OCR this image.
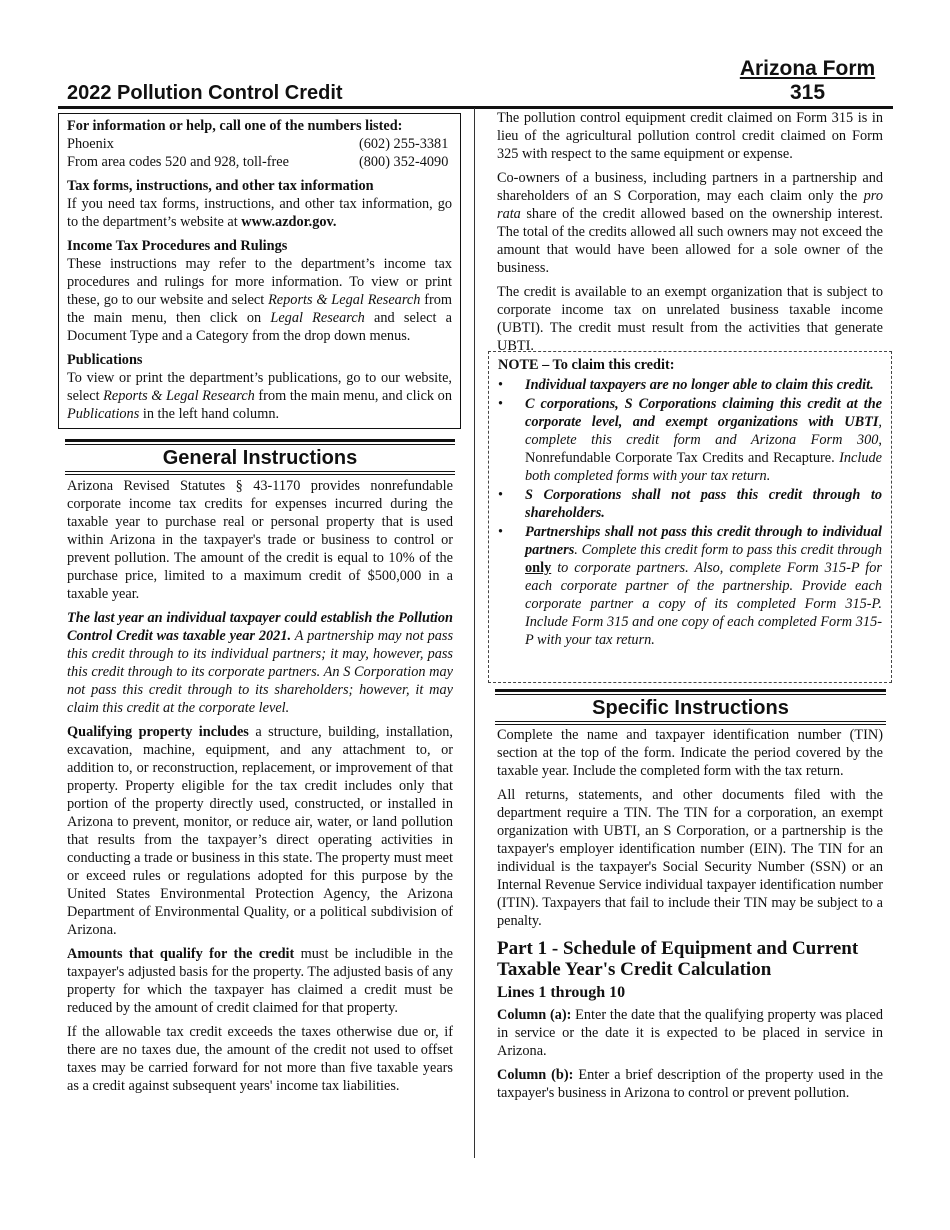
2022 Pollution Control Credit
Arizona Form
315

For information or help, call one of the numbers listed:

Phoenix	(602) 255-3381
From area codes 520 and 928, toll-free	(800) 352-4090

Tax forms, instructions, and other tax information

If you need tax forms, instructions, and other tax information, go to the department’s website at www.azdor.gov.

Income Tax Procedures and Rulings

These instructions may refer to the department’s income tax procedures and rulings for more information. To view or print these, go to our website and select Reports & Legal Research from the main menu, then click on Legal Research and select a Document Type and a Category from the drop down menus.

Publications

To view or print the department’s publications, go to our website, select Reports & Legal Research from the main menu, and click on Publications in the left hand column.

General Instructions

Arizona Revised Statutes § 43-1170 provides nonrefundable corporate income tax credits for expenses incurred during the taxable year to purchase real or personal property that is used within Arizona in the taxpayer's trade or business to control or prevent pollution. The amount of the credit is equal to 10% of the purchase price, limited to a maximum credit of $500,000 in a taxable year.

The last year an individual taxpayer could establish the Pollution Control Credit was taxable year 2021. A partnership may not pass this credit through to its individual partners; it may, however, pass this credit through to its corporate partners. An S Corporation may not pass this credit through to its shareholders; however, it may claim this credit at the corporate level.

Qualifying property includes a structure, building, installation, excavation, machine, equipment, and any attachment to, or addition to, or reconstruction, replacement, or improvement of that property. Property eligible for the tax credit includes only that portion of the property directly used, constructed, or installed in Arizona to prevent, monitor, or reduce air, water, or land pollution that results from the taxpayer’s direct operating activities in conducting a trade or business in this state. The property must meet or exceed rules or regulations adopted for this purpose by the United States Environmental Protection Agency, the Arizona Department of Environmental Quality, or a political subdivision of Arizona.

Amounts that qualify for the credit must be includible in the taxpayer's adjusted basis for the property. The adjusted basis of any property for which the taxpayer has claimed a credit must be reduced by the amount of credit claimed for that property.

If the allowable tax credit exceeds the taxes otherwise due or, if there are no taxes due, the amount of the credit not used to offset taxes may be carried forward for not more than five taxable years as a credit against subsequent years' income tax liabilities.

The pollution control equipment credit claimed on Form 315 is in lieu of the agricultural pollution control credit claimed on Form 325 with respect to the same equipment or expense.

Co-owners of a business, including partners in a partnership and shareholders of an S Corporation, may each claim only the pro rata share of the credit allowed based on the ownership interest. The total of the credits allowed all such owners may not exceed the amount that would have been allowed for a sole owner of the business.

The credit is available to an exempt organization that is subject to corporate income tax on unrelated business taxable income (UBTI). The credit must result from the activities that generate UBTI.

NOTE – To claim this credit:
• Individual taxpayers are no longer able to claim this credit.
• C corporations, S Corporations claiming this credit at the corporate level, and exempt organizations with UBTI, complete this credit form and Arizona Form 300, Nonrefundable Corporate Tax Credits and Recapture. Include both completed forms with your tax return.
• S Corporations shall not pass this credit through to shareholders.
• Partnerships shall not pass this credit through to individual partners. Complete this credit form to pass this credit through only to corporate partners. Also, complete Form 315-P for each corporate partner of the partnership. Provide each corporate partner a copy of its completed Form 315-P. Include Form 315 and one copy of each completed Form 315-P with your tax return.
Specific Instructions

Complete the name and taxpayer identification number (TIN) section at the top of the form. Indicate the period covered by the taxable year. Include the completed form with the tax return.

All returns, statements, and other documents filed with the department require a TIN. The TIN for a corporation, an exempt organization with UBTI, an S Corporation, or a partnership is the taxpayer's employer identification number (EIN). The TIN for an individual is the taxpayer's Social Security Number (SSN) or an Internal Revenue Service individual taxpayer identification number (ITIN). Taxpayers that fail to include their TIN may be subject to a penalty.

Part 1 - Schedule of Equipment and Current Taxable Year's Credit Calculation
Lines 1 through 10

Column (a): Enter the date that the qualifying property was placed in service or the date it is expected to be placed in service in Arizona.

Column (b): Enter a brief description of the property used in the taxpayer's business in Arizona to control or prevent pollution.
